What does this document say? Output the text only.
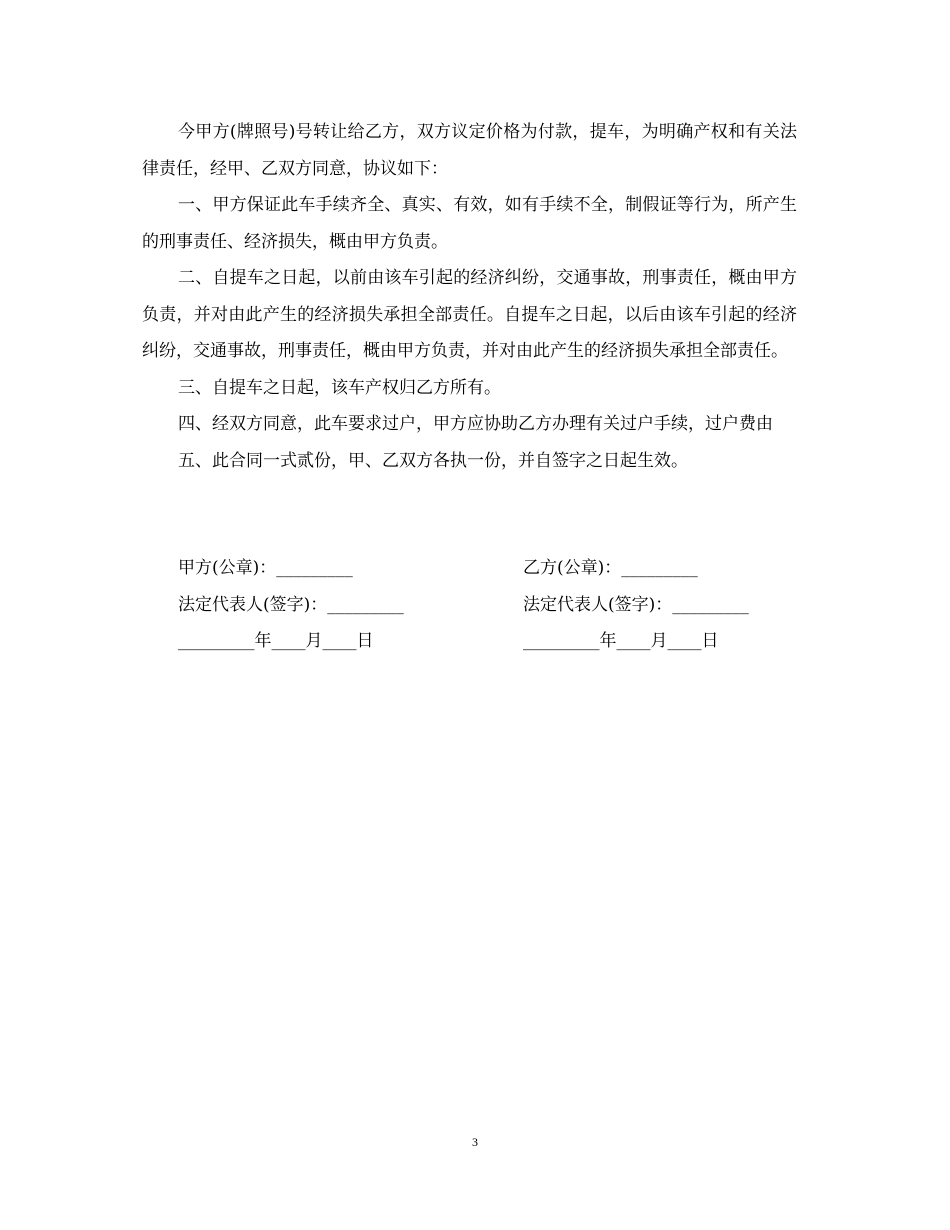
今甲方(牌照号)号转让给乙方，双方议定价格为付款，提车，为明确产权和有关法律责任，经甲、乙双方同意，协议如下：

一、甲方保证此车手续齐全、真实、有效，如有手续不全，制假证等行为，所产生的刑事责任、经济损失，概由甲方负责。

二、自提车之日起，以前由该车引起的经济纠纷，交通事故，刑事责任，概由甲方负责，并对由此产生的经济损失承担全部责任。自提车之日起，以后由该车引起的经济纠纷，交通事故，刑事责任，概由甲方负责，并对由此产生的经济损失承担全部责任。

三、自提车之日起，该车产权归乙方所有。

四、经双方同意，此车要求过户，甲方应协助乙方办理有关过户手续，过户费由

五、此合同一式贰份，甲、乙双方各执一份，并自签字之日起生效。

甲方(公章)：_________	乙方(公章)：_________
法定代表人(签字)：_________	法定代表人(签字)：_________
_________年____月____日	_________年____月____日
3
